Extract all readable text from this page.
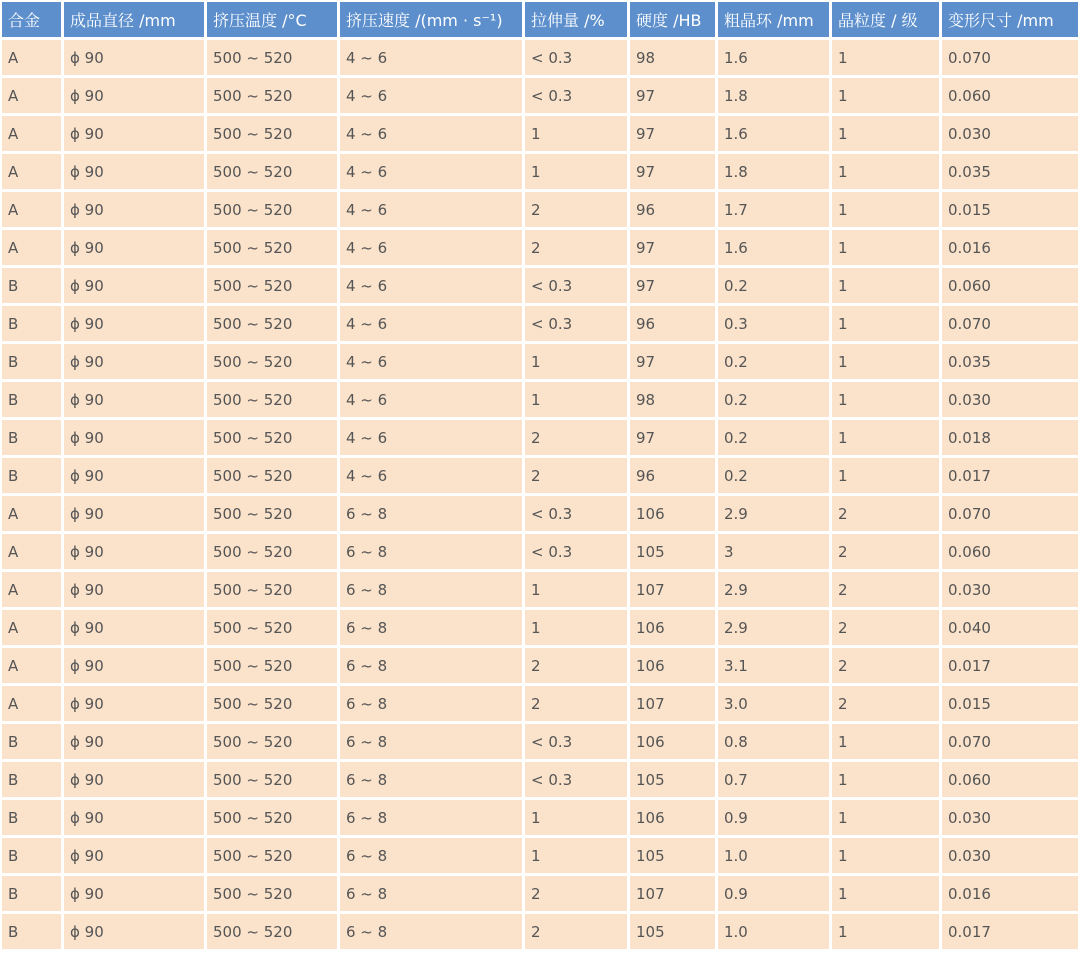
合金	成品直径 /mm	挤压温度 /°C	挤压速度 /(mm · s⁻¹)	拉伸量 /%	硬度 /HB	粗晶环 /mm	晶粒度 / 级	变形尺寸 /mm
A	ϕ 90	500 ~ 520	4 ~ 6	< 0.3	98	1.6	1	0.070
A	ϕ 90	500 ~ 520	4 ~ 6	< 0.3	97	1.8	1	0.060
A	ϕ 90	500 ~ 520	4 ~ 6	1	97	1.6	1	0.030
A	ϕ 90	500 ~ 520	4 ~ 6	1	97	1.8	1	0.035
A	ϕ 90	500 ~ 520	4 ~ 6	2	96	1.7	1	0.015
A	ϕ 90	500 ~ 520	4 ~ 6	2	97	1.6	1	0.016
B	ϕ 90	500 ~ 520	4 ~ 6	< 0.3	97	0.2	1	0.060
B	ϕ 90	500 ~ 520	4 ~ 6	< 0.3	96	0.3	1	0.070
B	ϕ 90	500 ~ 520	4 ~ 6	1	97	0.2	1	0.035
B	ϕ 90	500 ~ 520	4 ~ 6	1	98	0.2	1	0.030
B	ϕ 90	500 ~ 520	4 ~ 6	2	97	0.2	1	0.018
B	ϕ 90	500 ~ 520	4 ~ 6	2	96	0.2	1	0.017
A	ϕ 90	500 ~ 520	6 ~ 8	< 0.3	106	2.9	2	0.070
A	ϕ 90	500 ~ 520	6 ~ 8	< 0.3	105	3	2	0.060
A	ϕ 90	500 ~ 520	6 ~ 8	1	107	2.9	2	0.030
A	ϕ 90	500 ~ 520	6 ~ 8	1	106	2.9	2	0.040
A	ϕ 90	500 ~ 520	6 ~ 8	2	106	3.1	2	0.017
A	ϕ 90	500 ~ 520	6 ~ 8	2	107	3.0	2	0.015
B	ϕ 90	500 ~ 520	6 ~ 8	< 0.3	106	0.8	1	0.070
B	ϕ 90	500 ~ 520	6 ~ 8	< 0.3	105	0.7	1	0.060
B	ϕ 90	500 ~ 520	6 ~ 8	1	106	0.9	1	0.030
B	ϕ 90	500 ~ 520	6 ~ 8	1	105	1.0	1	0.030
B	ϕ 90	500 ~ 520	6 ~ 8	2	107	0.9	1	0.016
B	ϕ 90	500 ~ 520	6 ~ 8	2	105	1.0	1	0.017
